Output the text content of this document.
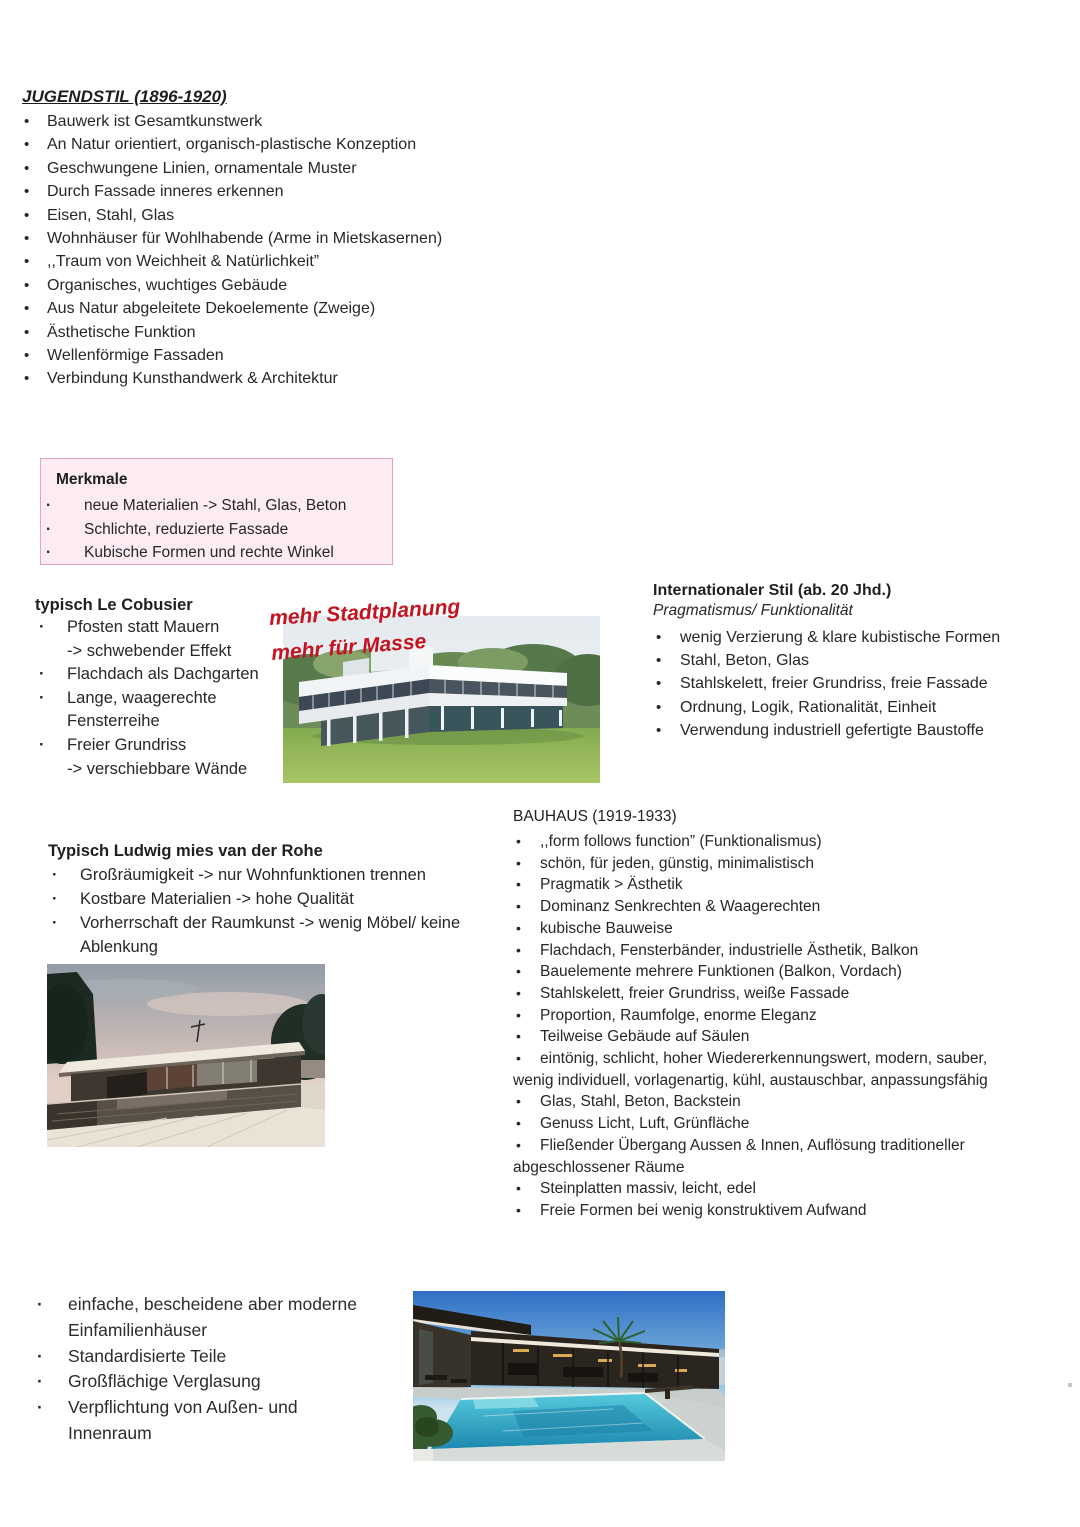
JUGENDSTIL (1896-1920)
• Bauwerk ist Gesamtkunstwerk
• An Natur orientiert, organisch-plastische Konzeption
• Geschwungene Linien, ornamentale Muster
• Durch Fassade inneres erkennen
• Eisen, Stahl, Glas
• Wohnhäuser für Wohlhabende (Arme in Mietskasernen)
• ,,Traum von Weichheit & Natürlichkeit”
• Organisches, wuchtiges Gebäude
• Aus Natur abgeleitete Dekoelemente (Zweige)
• Ästhetische Funktion
• Wellenförmige Fassaden
• Verbindung Kunsthandwerk & Architektur
Merkmale
· neue Materialien -> Stahl, Glas, Beton
· Schlichte, reduzierte Fassade
· Kubische Formen und rechte Winkel
typisch Le Cobusier
· Pfosten statt Mauern
-> schwebender Effekt
· Flachdach als Dachgarten
· Lange, waagerechte
Fensterreihe
· Freier Grundriss
-> verschiebbare Wände
mehr Stadtplanung
mehr für Masse
Internationaler Stil (ab. 20 Jhd.)
Pragmatismus/ Funktionalität
• wenig Verzierung & klare kubistische Formen
• Stahl, Beton, Glas
• Stahlskelett, freier Grundriss, freie Fassade
• Ordnung, Logik, Rationalität, Einheit
• Verwendung industriell gefertigte Baustoffe
BAUHAUS (1919-1933)
• ,,form follows function” (Funktionalismus)
• schön, für jeden, günstig, minimalistisch
• Pragmatik > Ästhetik
• Dominanz Senkrechten & Waagerechten
• kubische Bauweise
• Flachdach, Fensterbänder, industrielle Ästhetik, Balkon
• Bauelemente mehrere Funktionen (Balkon, Vordach)
• Stahlskelett, freier Grundriss, weiße Fassade
• Proportion, Raumfolge, enorme Eleganz
• Teilweise Gebäude auf Säulen
• eintönig, schlicht, hoher Wiedererkennungswert, modern, sauber,
wenig individuell, vorlagenartig, kühl, austauschbar, anpassungsfähig
• Glas, Stahl, Beton, Backstein
• Genuss Licht, Luft, Grünfläche
• Fließender Übergang Aussen & Innen, Auflösung traditioneller
abgeschlossener Räume
• Steinplatten massiv, leicht, edel
• Freie Formen bei wenig konstruktivem Aufwand
Typisch Ludwig mies van der Rohe
· Großräumigkeit -> nur Wohnfunktionen trennen
· Kostbare Materialien -> hohe Qualität
· Vorherrschaft der Raumkunst -> wenig Möbel/ keine
Ablenkung
· einfache, bescheidene aber moderne
Einfamilienhäuser
· Standardisierte Teile
· Großflächige Verglasung
· Verpflichtung von Außen- und
Innenraum
